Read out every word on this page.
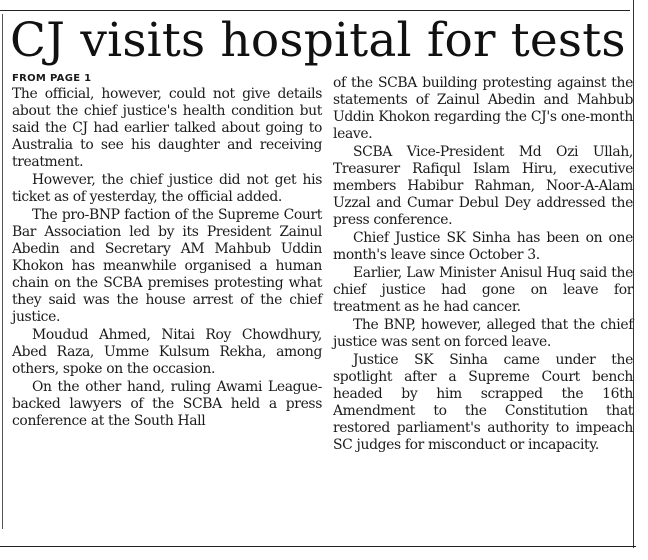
CJ visits hospital for tests
FROM PAGE 1

The official, however, could not give details about the chief justice's health condition but said the CJ had earlier talked about going to Australia to see his daughter and receiving treatment.

However, the chief justice did not get his ticket as of yesterday, the official added.

The pro-BNP faction of the Supreme Court Bar Association led by its President Zainul Abedin and Secretary AM Mahbub Uddin Khokon has meanwhile organised a human chain on the SCBA premises protesting what they said was the house arrest of the chief justice.

Moudud Ahmed, Nitai Roy Chowdhury, Abed Raza, Umme Kulsum Rekha, among others, spoke on the occasion.

On the other hand, ruling Awami League-backed lawyers of the SCBA held a press conference at the South Hall

of the SCBA building protesting against the statements of Zainul Abedin and Mahbub Uddin Khokon regarding the CJ's one-month leave.

SCBA Vice-President Md Ozi Ullah, Treasurer Rafiqul Islam Hiru, executive members Habibur Rahman, Noor-A-Alam Uzzal and Cumar Debul Dey addressed the press conference.

Chief Justice SK Sinha has been on one month's leave since October 3.

Earlier, Law Minister Anisul Huq said the chief justice had gone on leave for treatment as he had cancer.

The BNP, however, alleged that the chief justice was sent on forced leave.

Justice SK Sinha came under the spotlight after a Supreme Court bench headed by him scrapped the 16th Amendment to the Constitution that restored parliament's authority to impeach SC judges for misconduct or incapacity.
